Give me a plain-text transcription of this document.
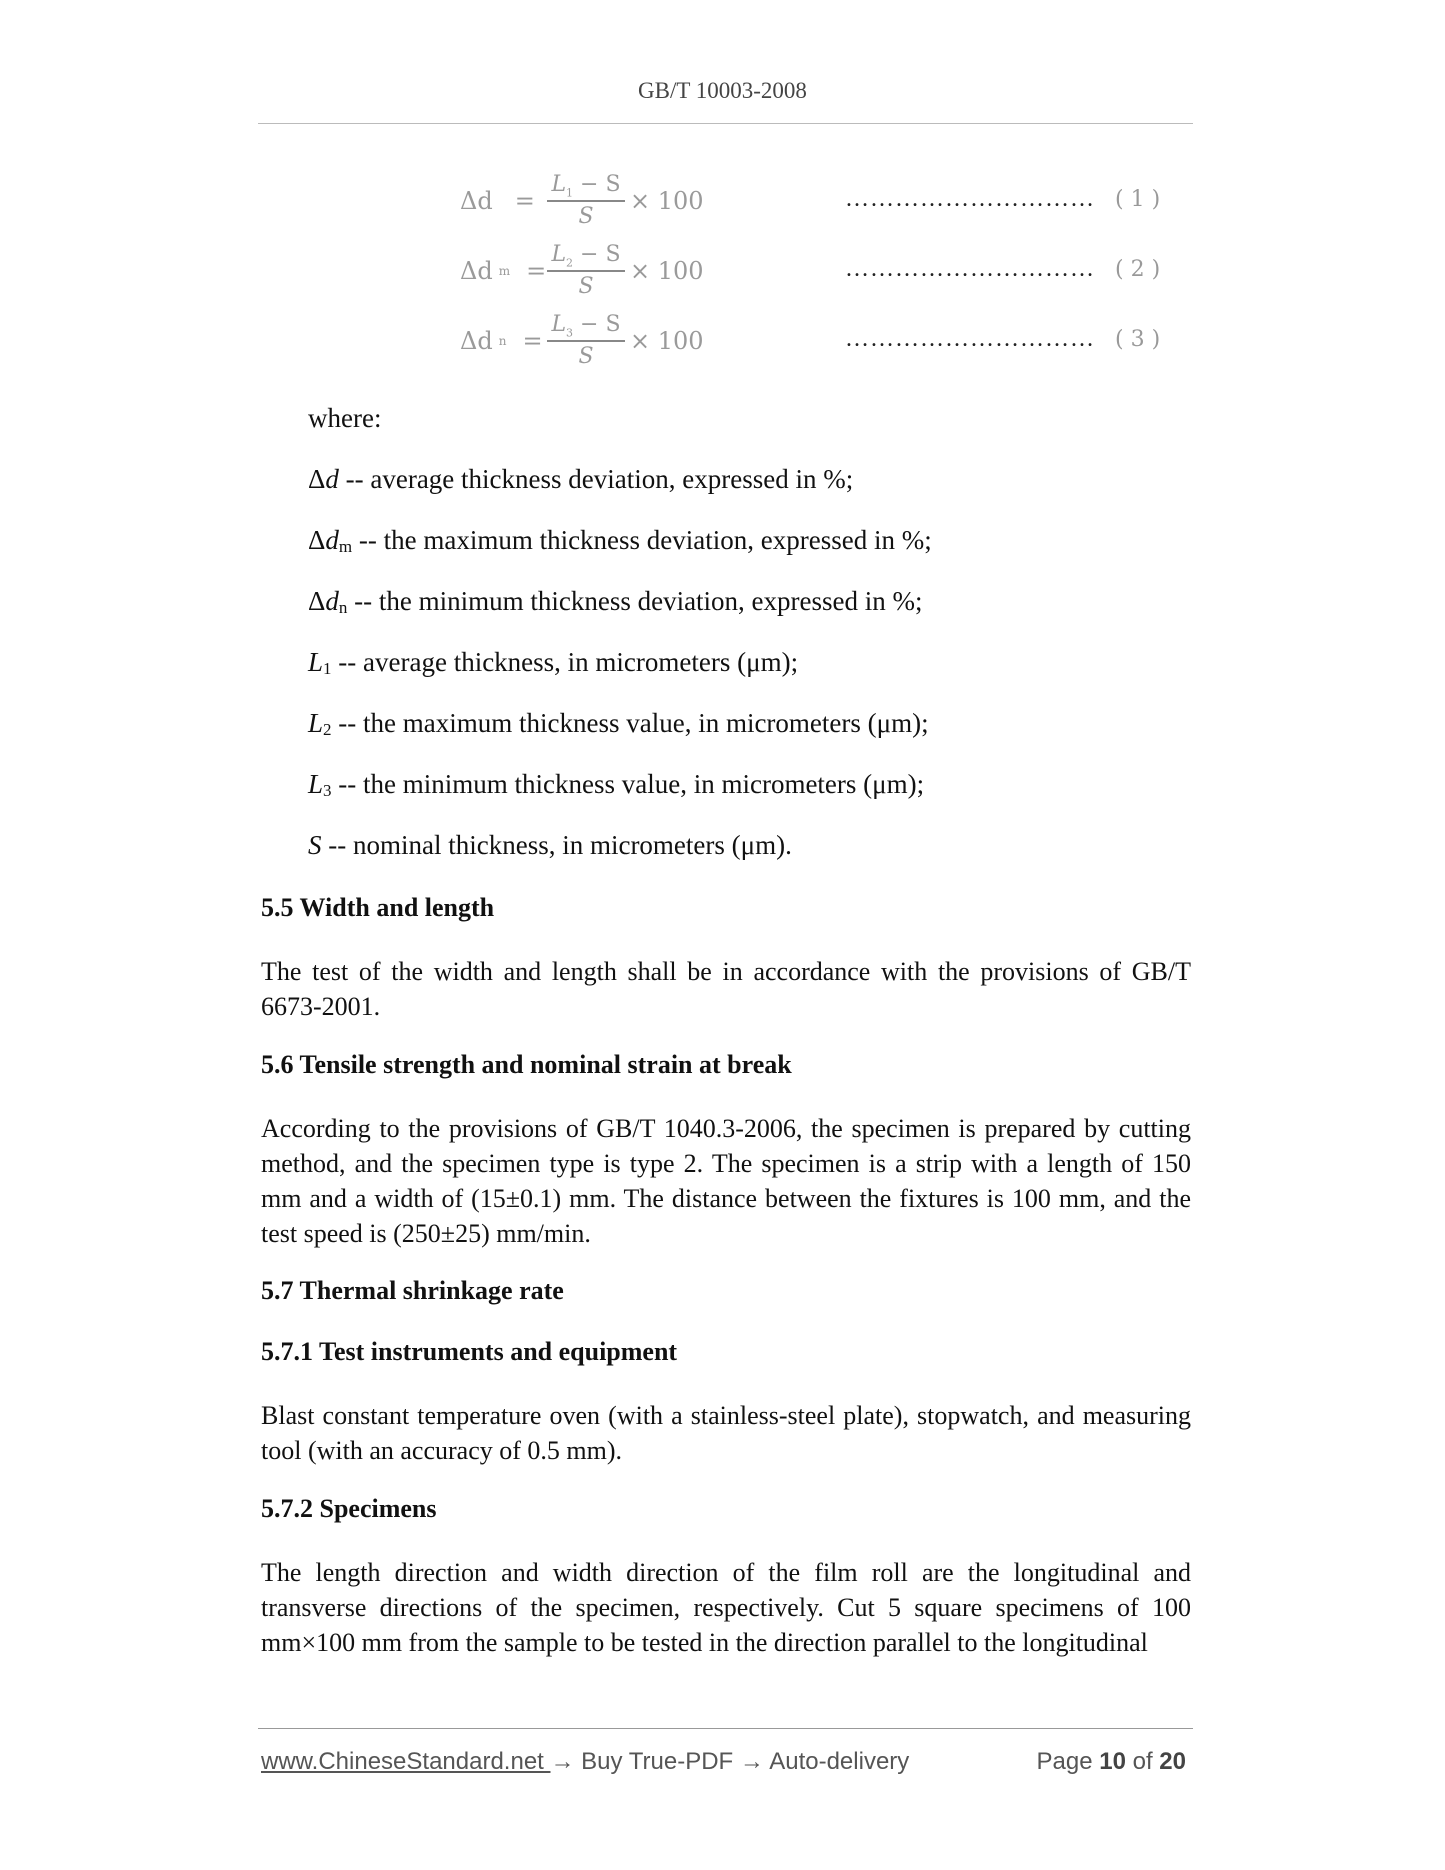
GB/T 10003-2008
Δd =
$L_1 - S$
S
× 100	………………………… ( 1 )
Δd m =
$L_2 - S$
S
× 100	………………………… ( 2 )
Δd n =
$L_3 - S$
S
× 100	………………………… ( 3 )
where:
Δd -- average thickness deviation, expressed in %;
$\Delta d_m$ -- the maximum thickness deviation, expressed in %;
$\Delta d_n$ -- the minimum thickness deviation, expressed in %;
$L_1$ -- average thickness, in micrometers (μm);
$L_2$ -- the maximum thickness value, in micrometers (μm);
$L_3$ -- the minimum thickness value, in micrometers (μm);
S -- nominal thickness, in micrometers (μm).
5.5 Width and length
The test of the width and length shall be in accordance with the provisions of GB/T 6673-2001.
5.6 Tensile strength and nominal strain at break
According to the provisions of GB/T 1040.3-2006, the specimen is prepared by cutting method, and the specimen type is type 2. The specimen is a strip with a length of 150 mm and a width of (15±0.1) mm. The distance between the fixtures is 100 mm, and the test speed is (250±25) mm/min.
5.7 Thermal shrinkage rate
5.7.1 Test instruments and equipment
Blast constant temperature oven (with a stainless-steel plate), stopwatch, and measuring tool (with an accuracy of 0.5 mm).
5.7.2 Specimens
The length direction and width direction of the film roll are the longitudinal and transverse directions of the specimen, respectively. Cut 5 square specimens of 100 mm×100 mm from the sample to be tested in the direction parallel to the longitudinal
www.ChineseStandard.net → Buy True-PDF → Auto-delivery	Page 10 of 20
